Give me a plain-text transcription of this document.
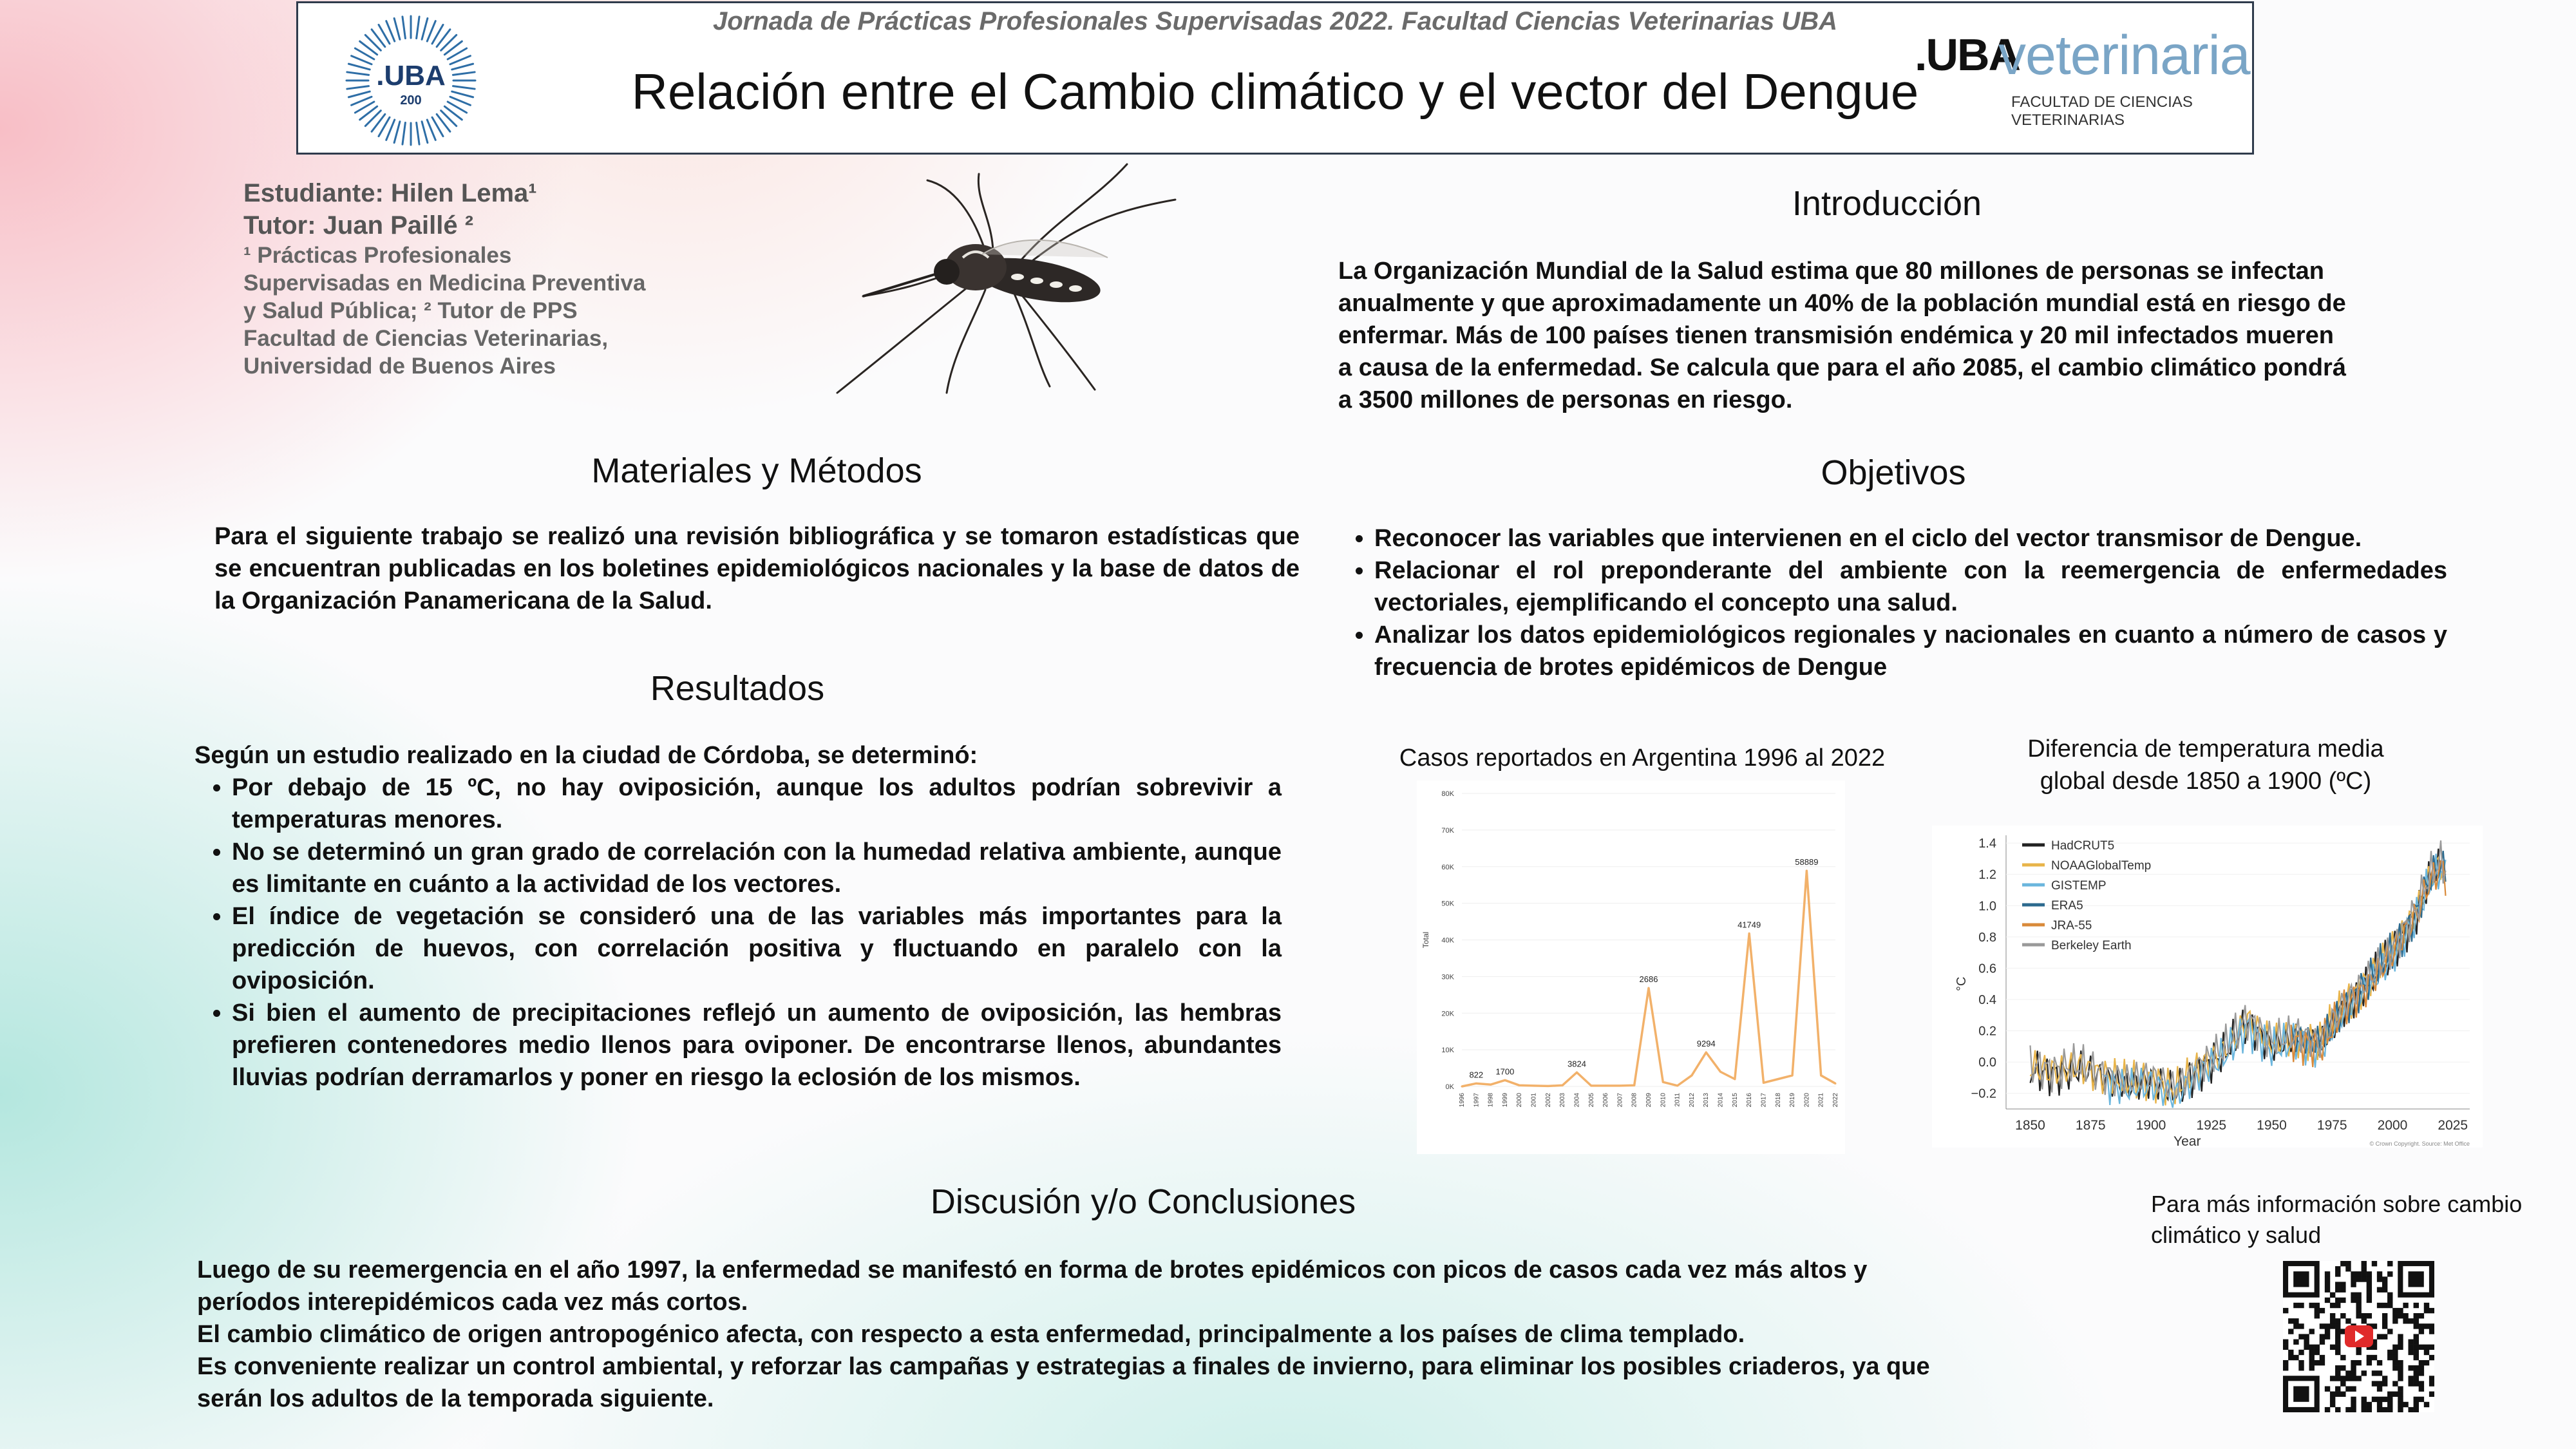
Jornada de Prácticas Profesionales Supervisadas 2022. Facultad Ciencias Veterinarias UBA
Relación entre el Cambio climático y el vector del Dengue
.UBA
200
.UBA
veterinaria
FACULTAD DE CIENCIAS VETERINARIAS
Estudiante: Hilen Lema¹
Tutor: Juan Paillé ²
¹ Prácticas Profesionales
Supervisadas en Medicina Preventiva
y Salud Pública; ² Tutor de PPS
Facultad de Ciencias Veterinarias,
Universidad de Buenos Aires
Introducción
La Organización Mundial de la Salud estima que 80 millones de personas se infectan
anualmente y que aproximadamente un 40% de la población mundial está en riesgo de
enfermar. Más de 100 países tienen transmisión endémica y 20 mil infectados mueren
a causa de la enfermedad. Se calcula que para el año 2085, el cambio climático pondrá
a 3500 millones de personas en riesgo.
Materiales y Métodos
Para el siguiente trabajo se realizó una revisión bibliográfica y se tomaron estadísticas que se encuentran publicadas en los boletines epidemiológicos nacionales y la base de datos de la Organización Panamericana de la Salud.
Objetivos
• Reconocer las variables que intervienen en el ciclo del vector transmisor de Dengue.
• Relacionar el rol preponderante del ambiente con la reemergencia de enfermedades vectoriales, ejemplificando el concepto una salud.
• Analizar los datos epidemiológicos regionales y nacionales en cuanto a número de casos y frecuencia de brotes epidémicos de Dengue
Resultados
Según un estudio realizado en la ciudad de Córdoba, se determinó:
• Por debajo de 15 ºC, no hay oviposición, aunque los adultos podrían sobrevivir a temperaturas menores.
• No se determinó un gran grado de correlación con la humedad relativa ambiente, aunque es limitante en cuánto a la actividad de los vectores.
• El índice de vegetación se consideró una de las variables más importantes para la predicción de huevos, con correlación positiva y fluctuando en paralelo con la oviposición.
• Si bien el aumento de precipitaciones reflejó un aumento de oviposición, las hembras prefieren contenedores medio llenos para oviponer. De encontrarse llenos, abundantes lluvias podrían derramarlos y poner en riesgo la eclosión de los mismos.
Casos reportados en Argentina 1996 al 2022
0K
10K
20K
30K
40K
50K
60K
70K
80K
Total
1996 1997 1998 1999 2000 2001 2002 2003 2004 2005 2006 2007 2008 2009 2010 2011 2012 2013 2014 2015 2016 2017 2018 2019 2020 2021 2022
822 1700
3824
2686
9294
41749
58889
Diferencia de temperatura media
global desde 1850 a 1900 (ºC)
1.4
1.2
1.0
0.8
0.6
0.4
0.2
0.0
−0.2
1850 1875 1900 1925 1950 1975 2000 2025
Year
°C
HadCRUT5
NOAAGlobalTemp
GISTEMP
ERA5
JRA-55
Berkeley Earth
© Crown Copyright. Source: Met Office
Discusión y/o Conclusiones
Luego de su reemergencia en el año 1997, la enfermedad se manifestó en forma de brotes epidémicos con picos de casos cada vez más altos y
períodos interepidémicos cada vez más cortos.
El cambio climático de origen antropogénico afecta, con respecto a esta enfermedad, principalmente a los países de clima templado.
Es conveniente realizar un control ambiental, y reforzar las campañas y estrategias a finales de invierno, para eliminar los posibles criaderos, ya que
serán los adultos de la temporada siguiente.
Para más información sobre cambio
climático y salud
